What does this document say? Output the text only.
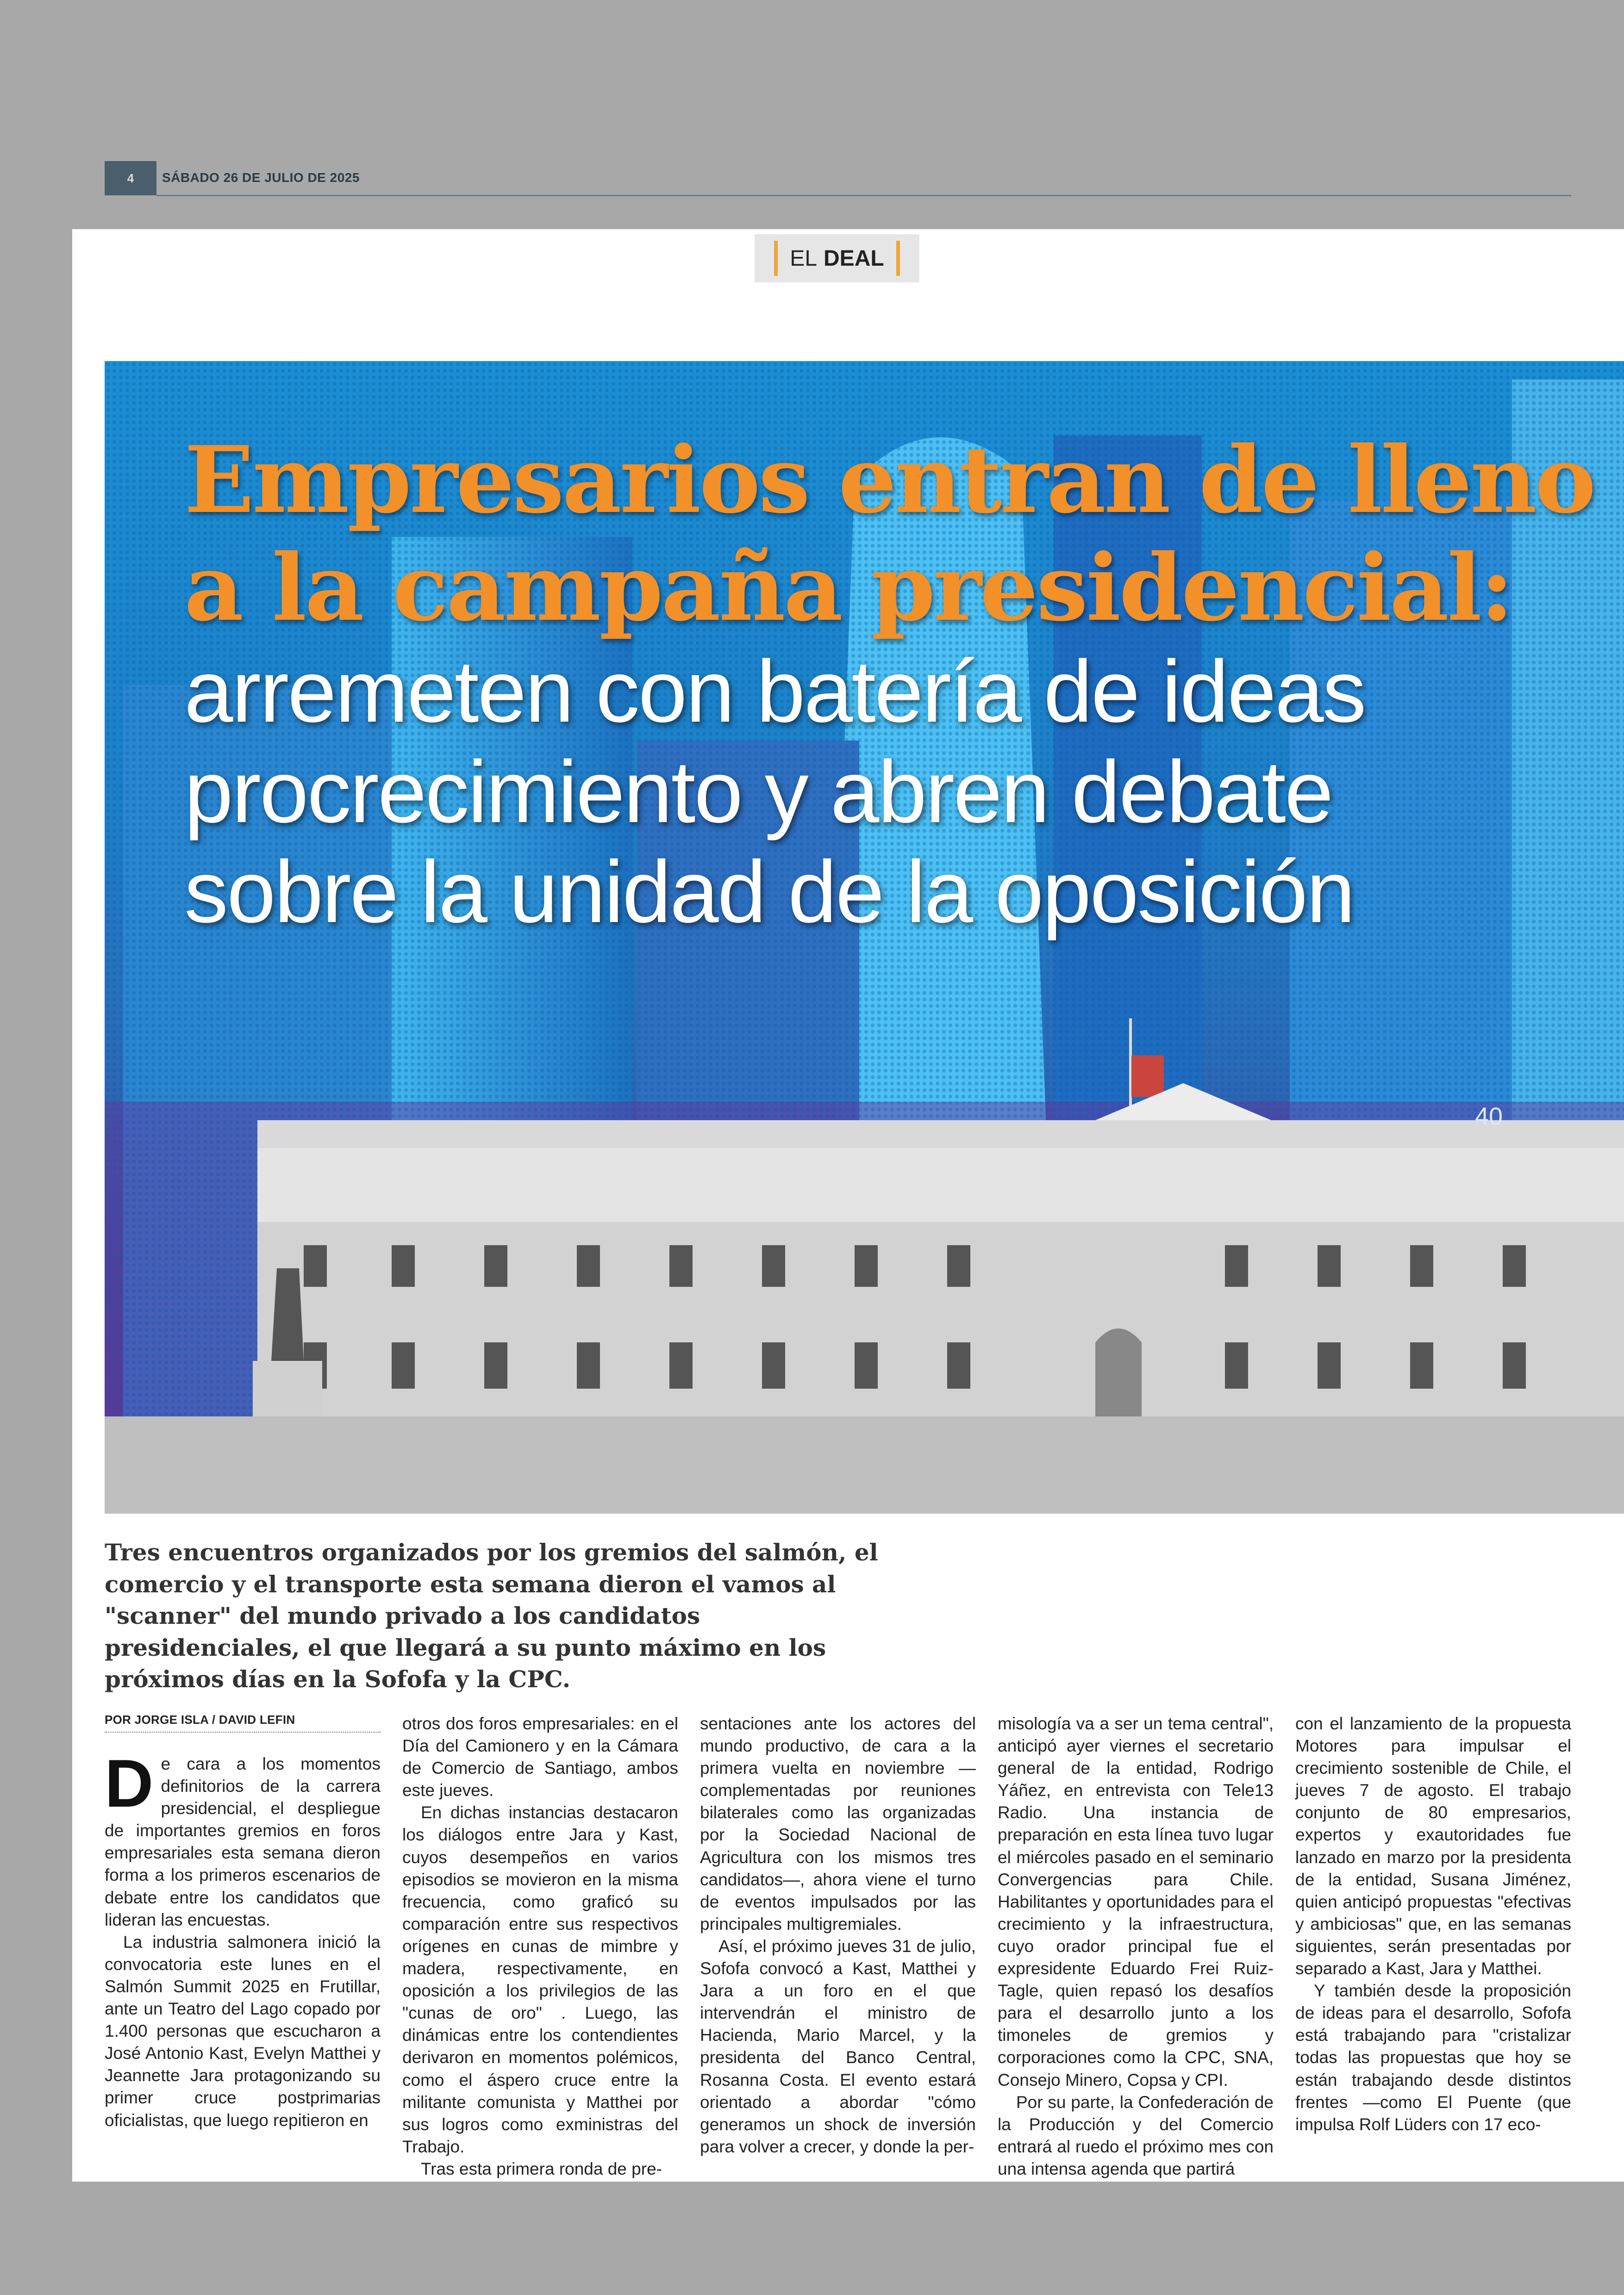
4	SÁBADO 26 DE JULIO DE 2025
EL DEAL
40
Empresarios entran de lleno
a la campaña presidencial:
arremeten con batería de ideas
procrecimiento y abren debate
sobre la unidad de la oposición

Tres encuentros organizados por los gremios del salmón, el comercio y el transporte esta semana dieron el vamos al "scanner" del mundo privado a los candidatos presidenciales, el que llegará a su punto máximo en los próximos días en la Sofofa y la CPC.

POR JORGE ISLA / DAVID LEFIN

De cara a los momentos definitorios de la carrera presidencial, el despliegue de importantes gremios en foros empresariales esta semana dieron forma a los primeros escenarios de debate entre los candidatos que lideran las encuestas.

La industria salmonera inició la convocatoria este lunes en el Salmón Summit 2025 en Frutillar, ante un Teatro del Lago copado por 1.400 personas que escucharon a José Antonio Kast, Evelyn Matthei y Jeannette Jara protagonizando su primer cruce postprimarias oficialistas, que luego repitieron en

otros dos foros empresariales: en el Día del Camionero y en la Cámara de Comercio de Santiago, ambos este jueves.

En dichas instancias destacaron los diálogos entre Jara y Kast, cuyos desempeños en varios episodios se movieron en la misma frecuencia, como graficó su comparación entre sus respectivos orígenes en cunas de mimbre y madera, respectivamente, en oposición a los privilegios de las "cunas de oro" . Luego, las dinámicas entre los contendientes derivaron en momentos polémicos, como el áspero cruce entre la militante comunista y Matthei por sus logros como exministras del Trabajo.

Tras esta primera ronda de pre-

sentaciones ante los actores del mundo productivo, de cara a la primera vuelta en noviembre — complementadas por reuniones bilaterales como las organizadas por la Sociedad Nacional de Agricultura con los mismos tres candidatos—, ahora viene el turno de eventos impulsados por las principales multigremiales.

Así, el próximo jueves 31 de julio, Sofofa convocó a Kast, Matthei y Jara a un foro en el que intervendrán el ministro de Hacienda, Mario Marcel, y la presidenta del Banco Central, Rosanna Costa. El evento estará orientado a abordar "cómo generamos un shock de inversión para volver a crecer, y donde la per-

misología va a ser un tema central", anticipó ayer viernes el secretario general de la entidad, Rodrigo Yáñez, en entrevista con Tele13 Radio. Una instancia de preparación en esta línea tuvo lugar el miércoles pasado en el seminario Convergencias para Chile. Habilitantes y oportunidades para el crecimiento y la infraestructura, cuyo orador principal fue el expresidente Eduardo Frei Ruiz-Tagle, quien repasó los desafíos para el desarrollo junto a los timoneles de gremios y corporaciones como la CPC, SNA, Consejo Minero, Copsa y CPI.

Por su parte, la Confederación de la Producción y del Comercio entrará al ruedo el próximo mes con una intensa agenda que partirá

con el lanzamiento de la propuesta Motores para impulsar el crecimiento sostenible de Chile, el jueves 7 de agosto. El trabajo conjunto de 80 empresarios, expertos y exautoridades fue lanzado en marzo por la presidenta de la entidad, Susana Jiménez, quien anticipó propuestas "efectivas y ambiciosas" que, en las semanas siguientes, serán presentadas por separado a Kast, Jara y Matthei.

Y también desde la proposición de ideas para el desarrollo, Sofofa está trabajando para "cristalizar todas las propuestas que hoy se están trabajando desde distintos frentes —como El Puente (que impulsa Rolf Lüders con 17 eco-
